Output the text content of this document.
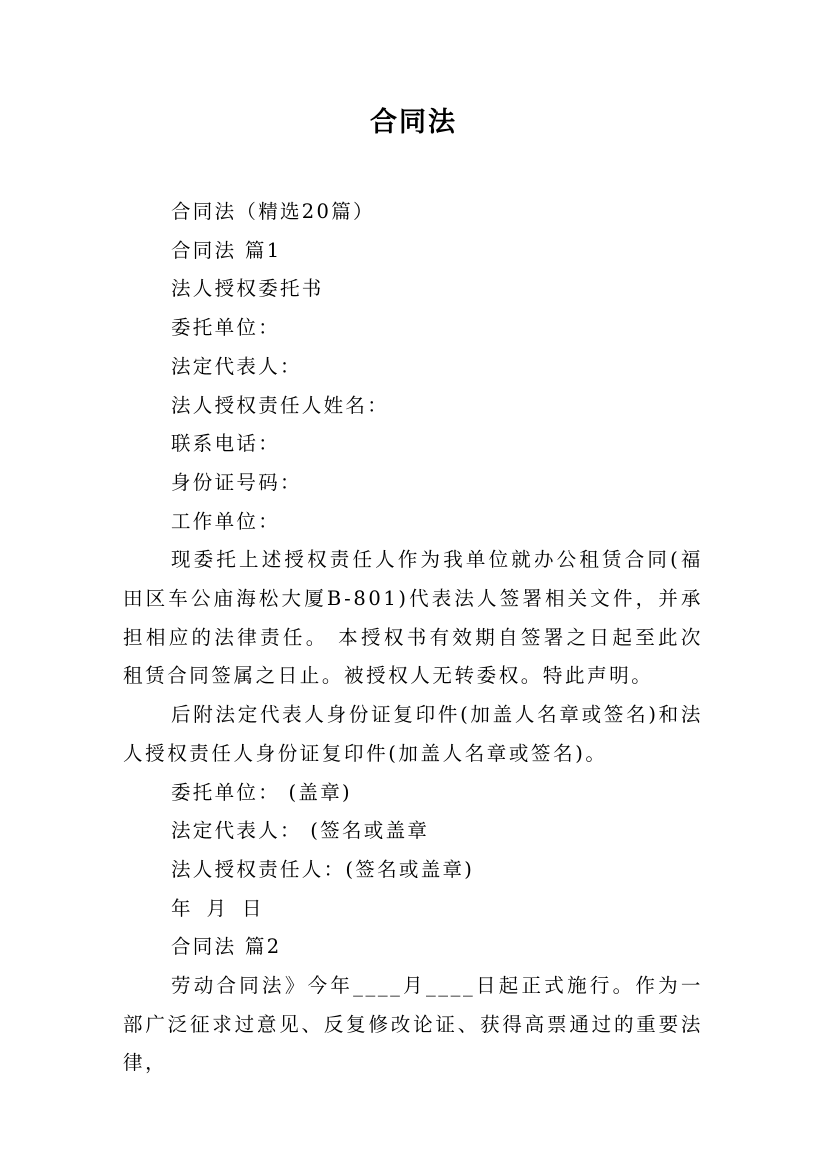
合同法

合同法（精选20篇）

合同法 篇1

法人授权委托书

委托单位：

法定代表人：

法人授权责任人姓名：

联系电话：

身份证号码：

工作单位：

现委托上述授权责任人作为我单位就办公租赁合同(福田区车公庙海松大厦B-801)代表法人签署相关文件，并承担相应的法律责任。 本授权书有效期自签署之日起至此次租赁合同签属之日止。被授权人无转委权。特此声明。

后附法定代表人身份证复印件(加盖人名章或签名)和法人授权责任人身份证复印件(加盖人名章或签名)。

委托单位： (盖章)

法定代表人： (签名或盖章

法人授权责任人：(签名或盖章)

年 月 日

合同法 篇2

劳动合同法》今年____月____日起正式施行。作为一部广泛征求过意见、反复修改论证、获得高票通过的重要法律，
